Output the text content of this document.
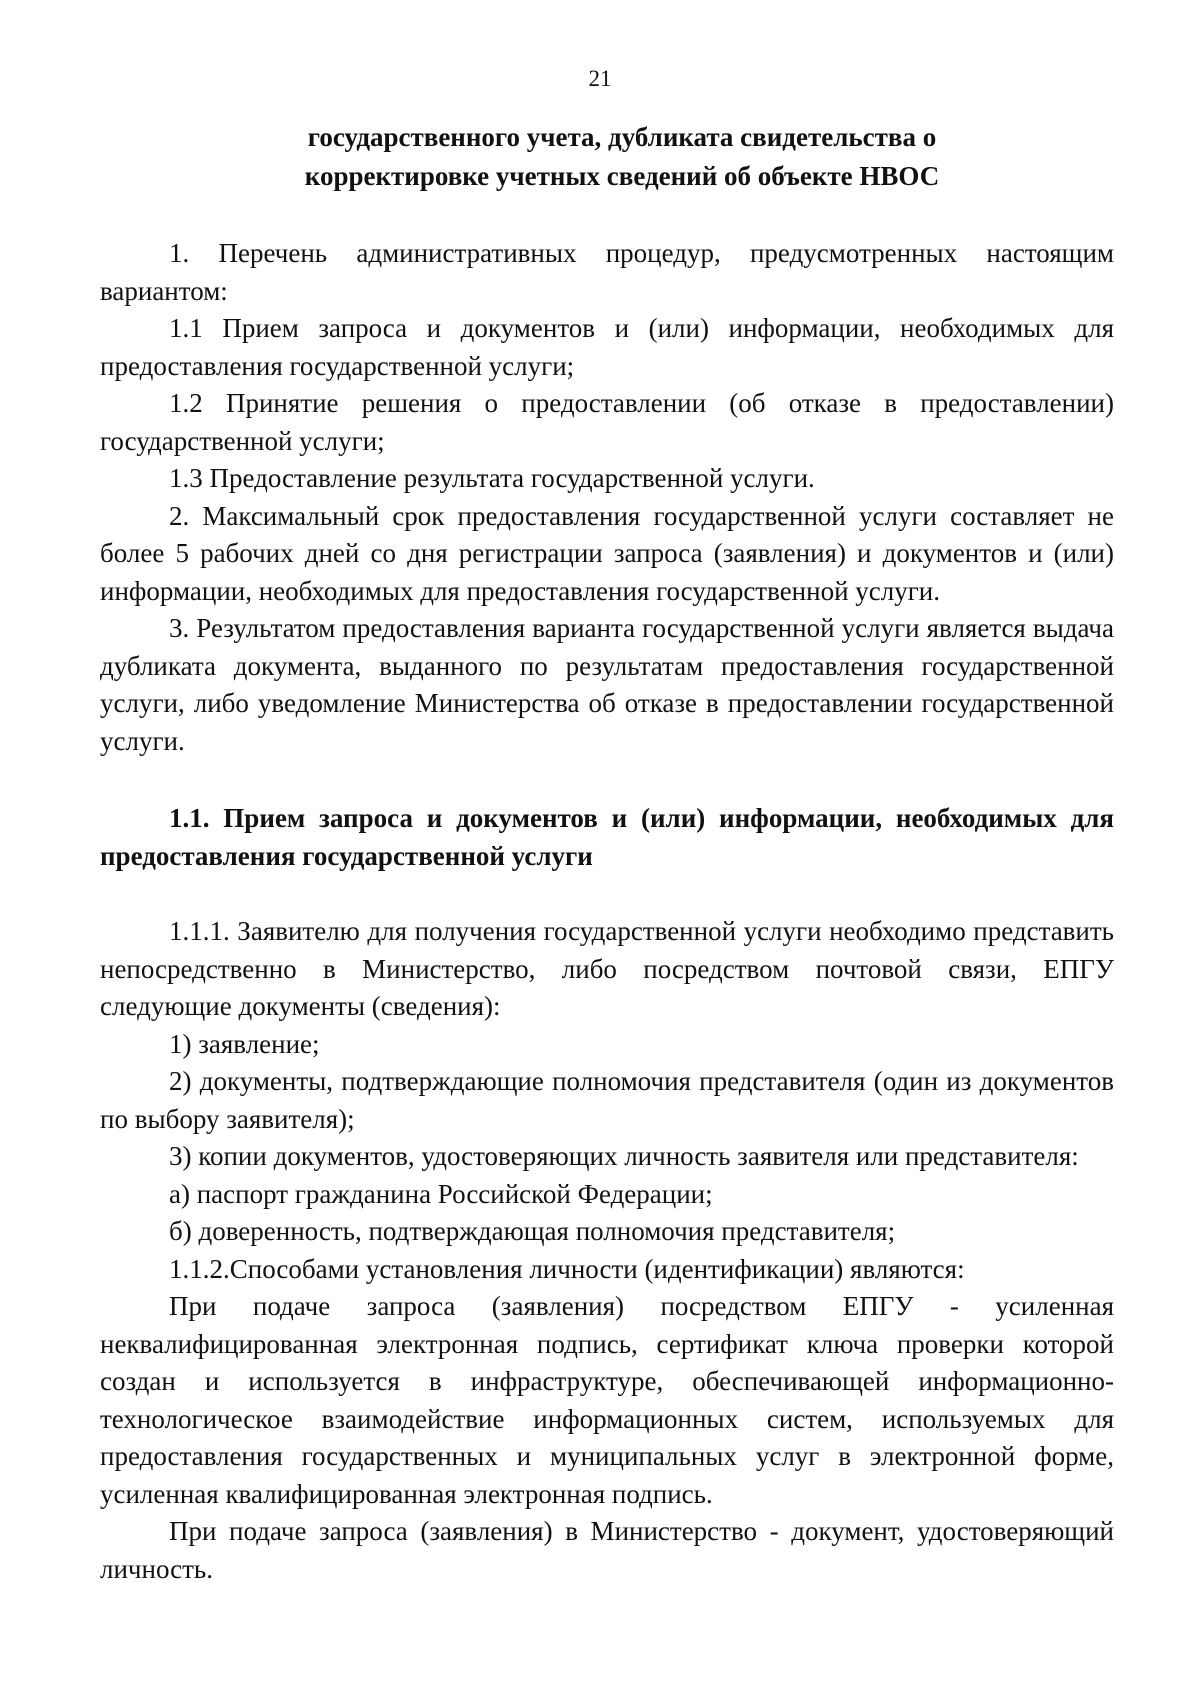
21
государственного учета, дубликата свидетельства о
корректировке учетных сведений об объекте НВОС

1. Перечень административных процедур, предусмотренных настоящим вариантом:

1.1 Прием запроса и документов и (или) информации, необходимых для предоставления государственной услуги;

1.2 Принятие решения о предоставлении (об отказе в предоставлении) государственной услуги;

1.3 Предоставление результата государственной услуги.

2. Максимальный срок предоставления государственной услуги составляет не более 5 рабочих дней со дня регистрации запроса (заявления) и документов и (или) информации, необходимых для предоставления государственной услуги.

3. Результатом предоставления варианта государственной услуги является выдача дубликата документа, выданного по результатам предоставления государственной услуги, либо уведомление Министерства об отказе в предоставлении государственной услуги.

1.1. Прием запроса и документов и (или) информации, необходимых для предоставления государственной услуги

1.1.1. Заявителю для получения государственной услуги необходимо представить непосредственно в Министерство, либо посредством почтовой связи, ЕПГУ следующие документы (сведения):

1) заявление;

2) документы, подтверждающие полномочия представителя (один из документов по выбору заявителя);

3) копии документов, удостоверяющих личность заявителя или представителя:

а) паспорт гражданина Российской Федерации;

б) доверенность, подтверждающая полномочия представителя;

1.1.2.Способами установления личности (идентификации) являются:

При подаче запроса (заявления) посредством ЕПГУ - усиленная неквалифицированная электронная подпись, сертификат ключа проверки которой создан и используется в инфраструктуре, обеспечивающей информационно-технологическое взаимодействие информационных систем, используемых для предоставления государственных и муниципальных услуг в электронной форме, усиленная квалифицированная электронная подпись.

При подаче запроса (заявления) в Министерство - документ, удостоверяющий личность.
